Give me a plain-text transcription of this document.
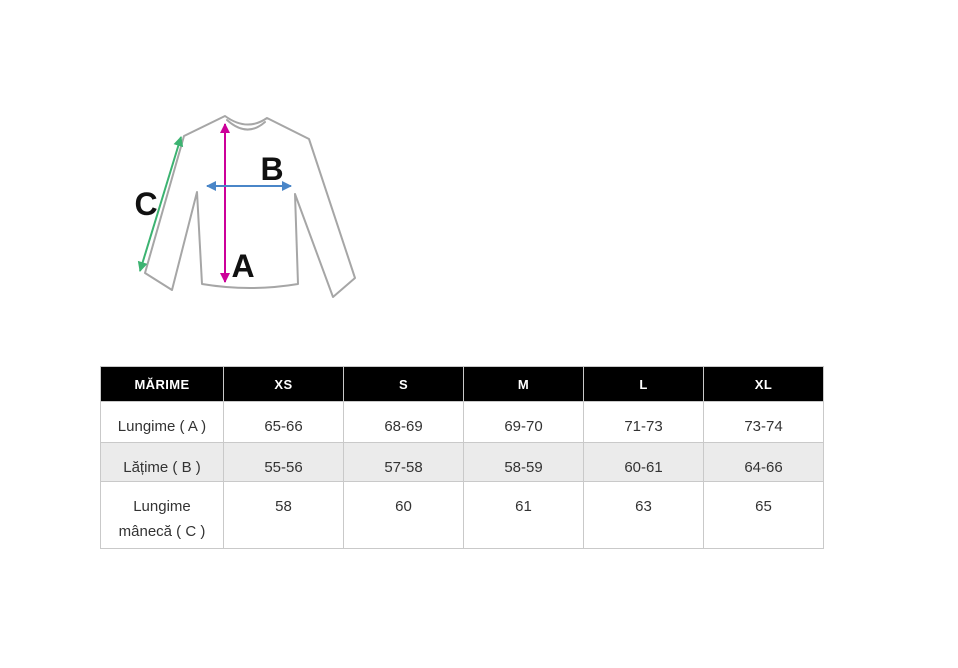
C
B
A
MĂRIME	XS	S	M	L	XL
Lungime ( A )	65-66	68-69	69-70	71-73	73-74
Lățime ( B )	55-56	57-58	58-59	60-61	64-66
Lungime mânecă ( C )	58	60	61	63	65
